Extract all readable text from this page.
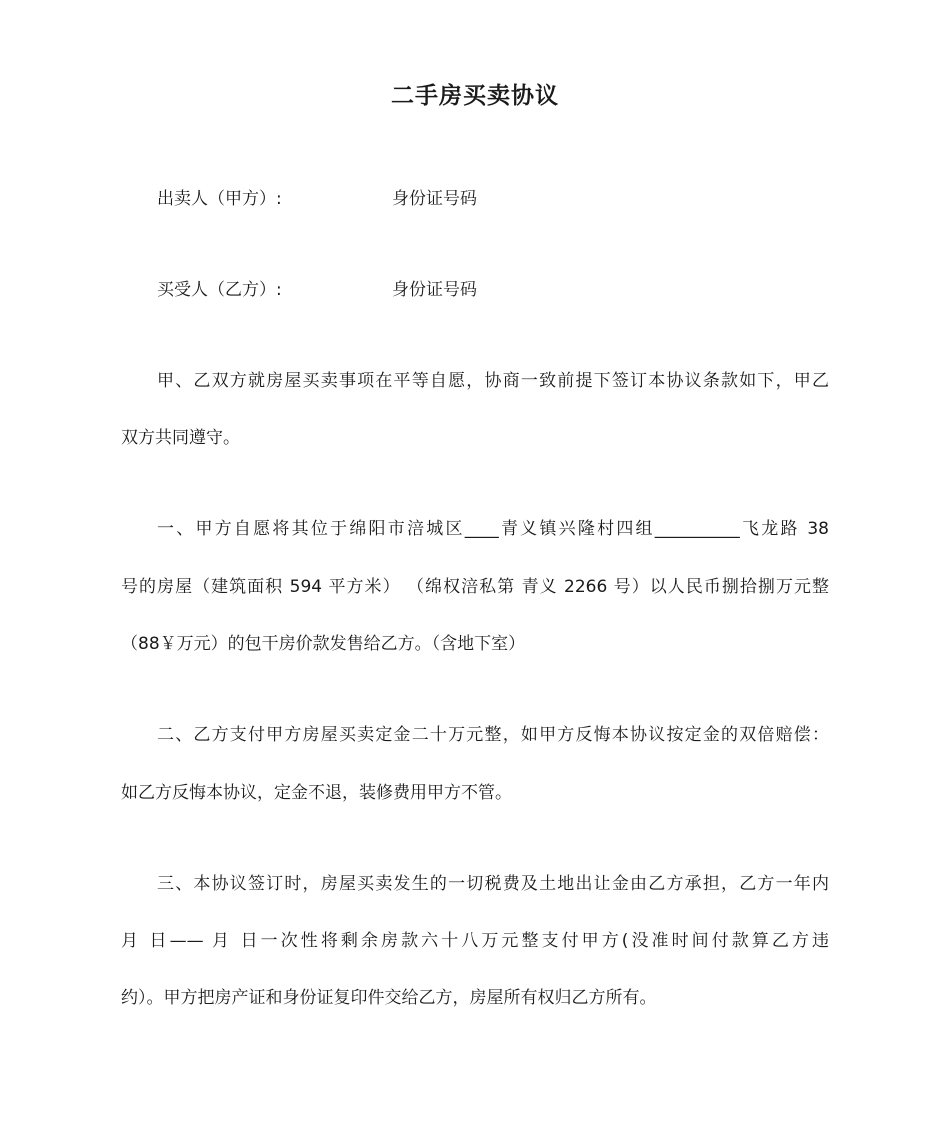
二手房买卖协议
出卖人（甲方）:	身份证号码
买受人（乙方）:	身份证号码
甲、乙双方就房屋买卖事项在平等自愿，协商一致前提下签订本协议条款如下，甲乙
双方共同遵守。
一、甲方自愿将其位于绵阳市涪城区____青义镇兴隆村四组__________飞龙路 38
号的房屋（建筑面积 594 平方米） （绵权涪私第 青义 2266 号）以人民币捌拾捌万元整
（88￥万元）的包干房价款发售给乙方。（含地下室）
二、乙方支付甲方房屋买卖定金二十万元整，如甲方反悔本协议按定金的双倍赔偿：
如乙方反悔本协议，定金不退，装修费用甲方不管。
三、本协议签订时，房屋买卖发生的一切税费及土地出让金由乙方承担，乙方一年内
月 日—— 月 日一次性将剩余房款六十八万元整支付甲方(没准时间付款算乙方违
约）。甲方把房产证和身份证复印件交给乙方，房屋所有权归乙方所有。
